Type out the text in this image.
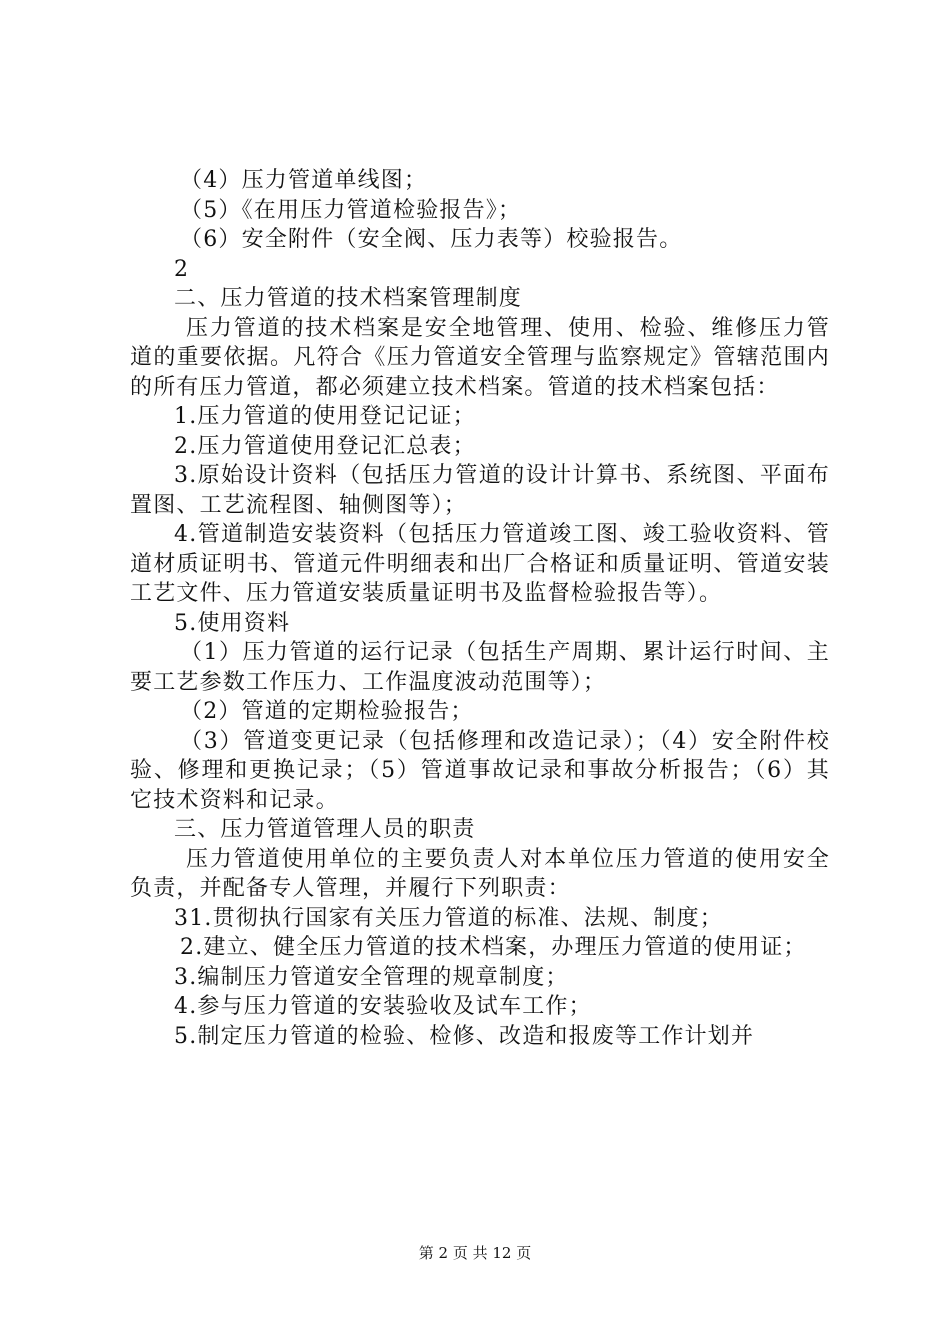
（4）压力管道单线图；

（5）《在用压力管道检验报告》；

（6）安全附件（安全阀、压力表等）校验报告。

2

二、压力管道的技术档案管理制度

压力管道的技术档案是安全地管理、使用、检验、维修压力管道的重要依据。凡符合《压力管道安全管理与监察规定》管辖范围内的所有压力管道，都必须建立技术档案。管道的技术档案包括：

1.压力管道的使用登记记证；

2.压力管道使用登记汇总表；

3.原始设计资料（包括压力管道的设计计算书、系统图、平面布置图、工艺流程图、轴侧图等）；

4.管道制造安装资料（包括压力管道竣工图、竣工验收资料、管道材质证明书、管道元件明细表和出厂合格证和质量证明、管道安装工艺文件、压力管道安装质量证明书及监督检验报告等）。

5.使用资料

（1）压力管道的运行记录（包括生产周期、累计运行时间、主要工艺参数工作压力、工作温度波动范围等）；

（2）管道的定期检验报告；

（3）管道变更记录（包括修理和改造记录）；（4）安全附件校验、修理和更换记录；（5）管道事故记录和事故分析报告；（6）其它技术资料和记录。

三、压力管道管理人员的职责

压力管道使用单位的主要负责人对本单位压力管道的使用安全负责，并配备专人管理，并履行下列职责：

31.贯彻执行国家有关压力管道的标准、法规、制度；

2.建立、健全压力管道的技术档案，办理压力管道的使用证；

3.编制压力管道安全管理的规章制度；

4.参与压力管道的安装验收及试车工作；

5.制定压力管道的检验、检修、改造和报废等工作计划并

第 2 页 共 12 页
